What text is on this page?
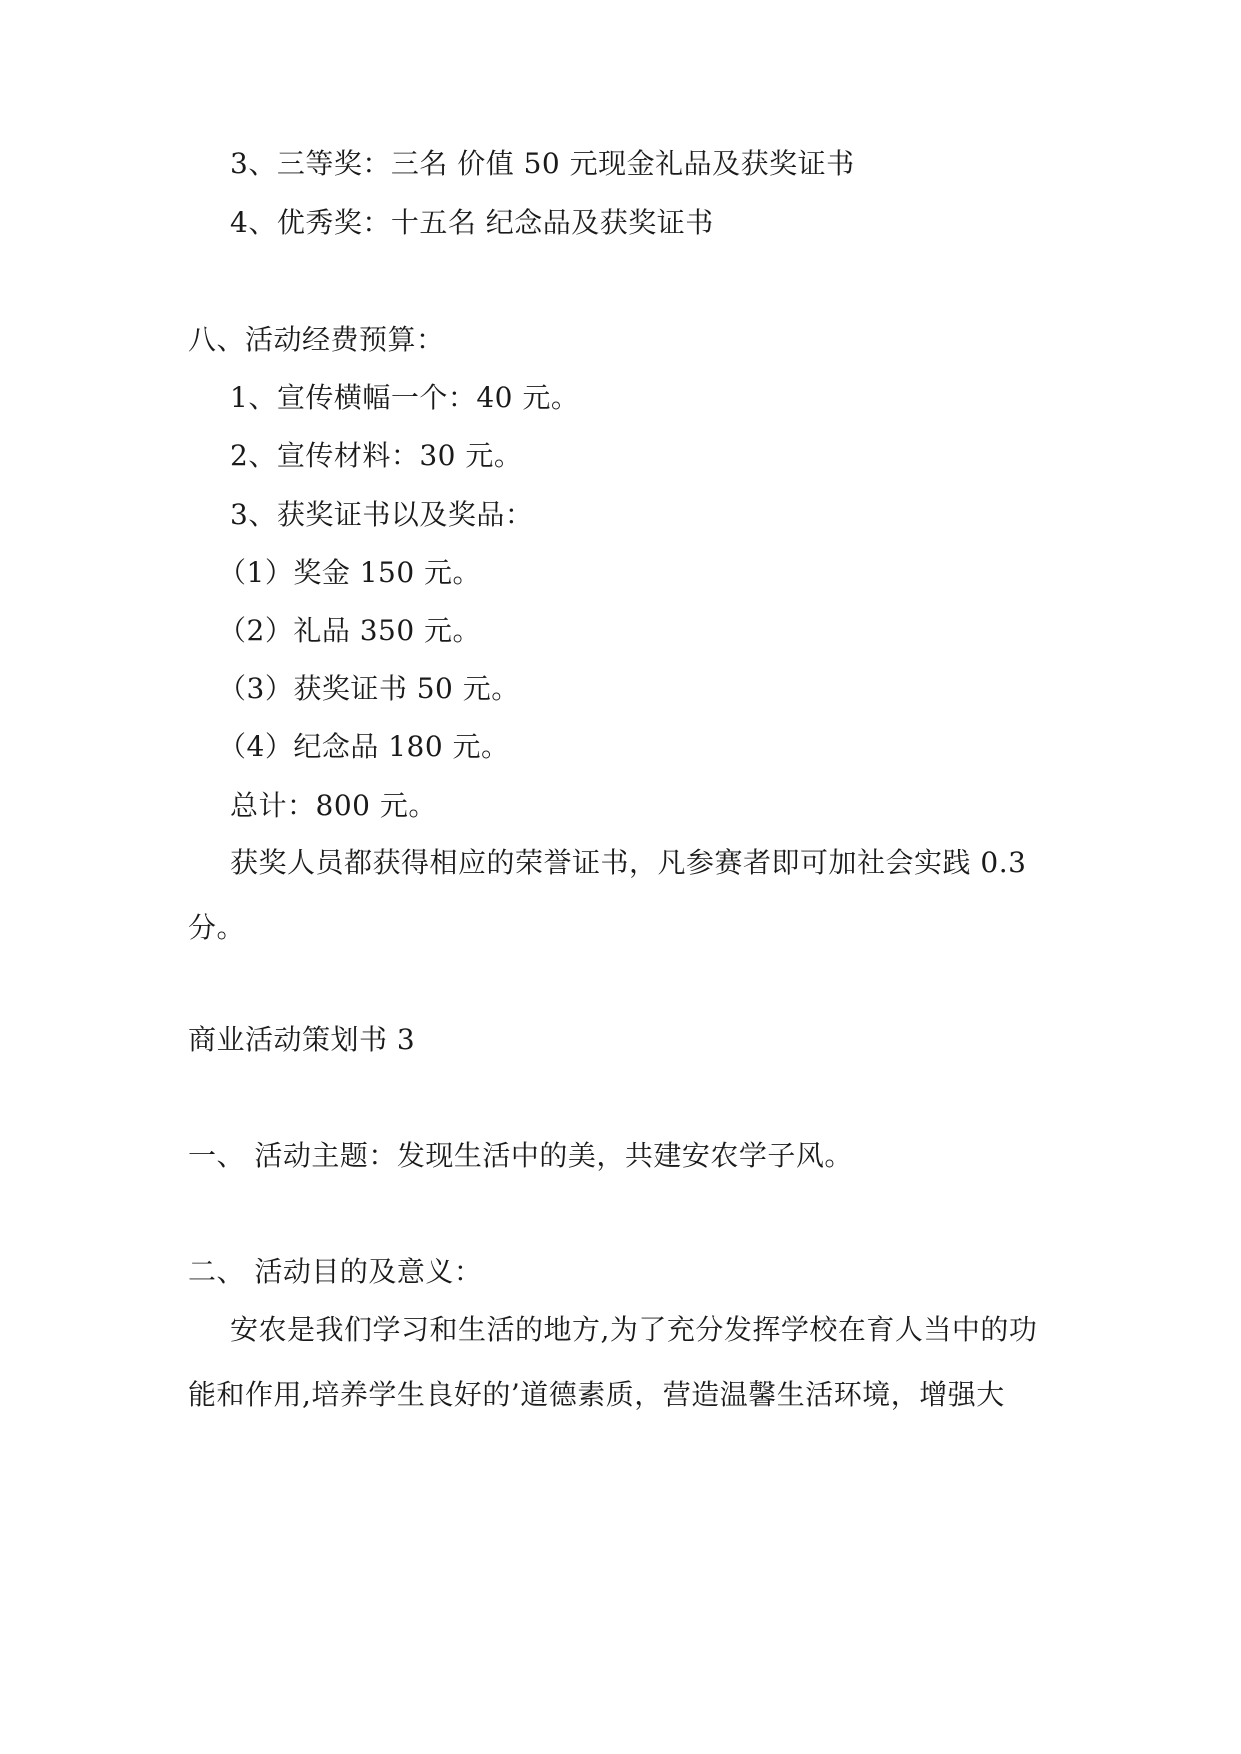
3、三等奖：三名 价值 50 元现金礼品及获奖证书
4、优秀奖：十五名 纪念品及获奖证书
八、活动经费预算：
1、宣传横幅一个：40 元。
2、宣传材料：30 元。
3、获奖证书以及奖品：
（1）奖金 150 元。
（2）礼品 350 元。
（3）获奖证书 50 元。
（4）纪念品 180 元。
总计：800 元。
获奖人员都获得相应的荣誉证书，凡参赛者即可加社会实践 0.3 分。
商业活动策划书 3
一、 活动主题：发现生活中的美，共建安农学子风。
二、 活动目的及意义：
安农是我们学习和生活的地方,为了充分发挥学校在育人当中的功能和作用,培养学生良好的’道德素质，营造温馨生活环境，增强大
